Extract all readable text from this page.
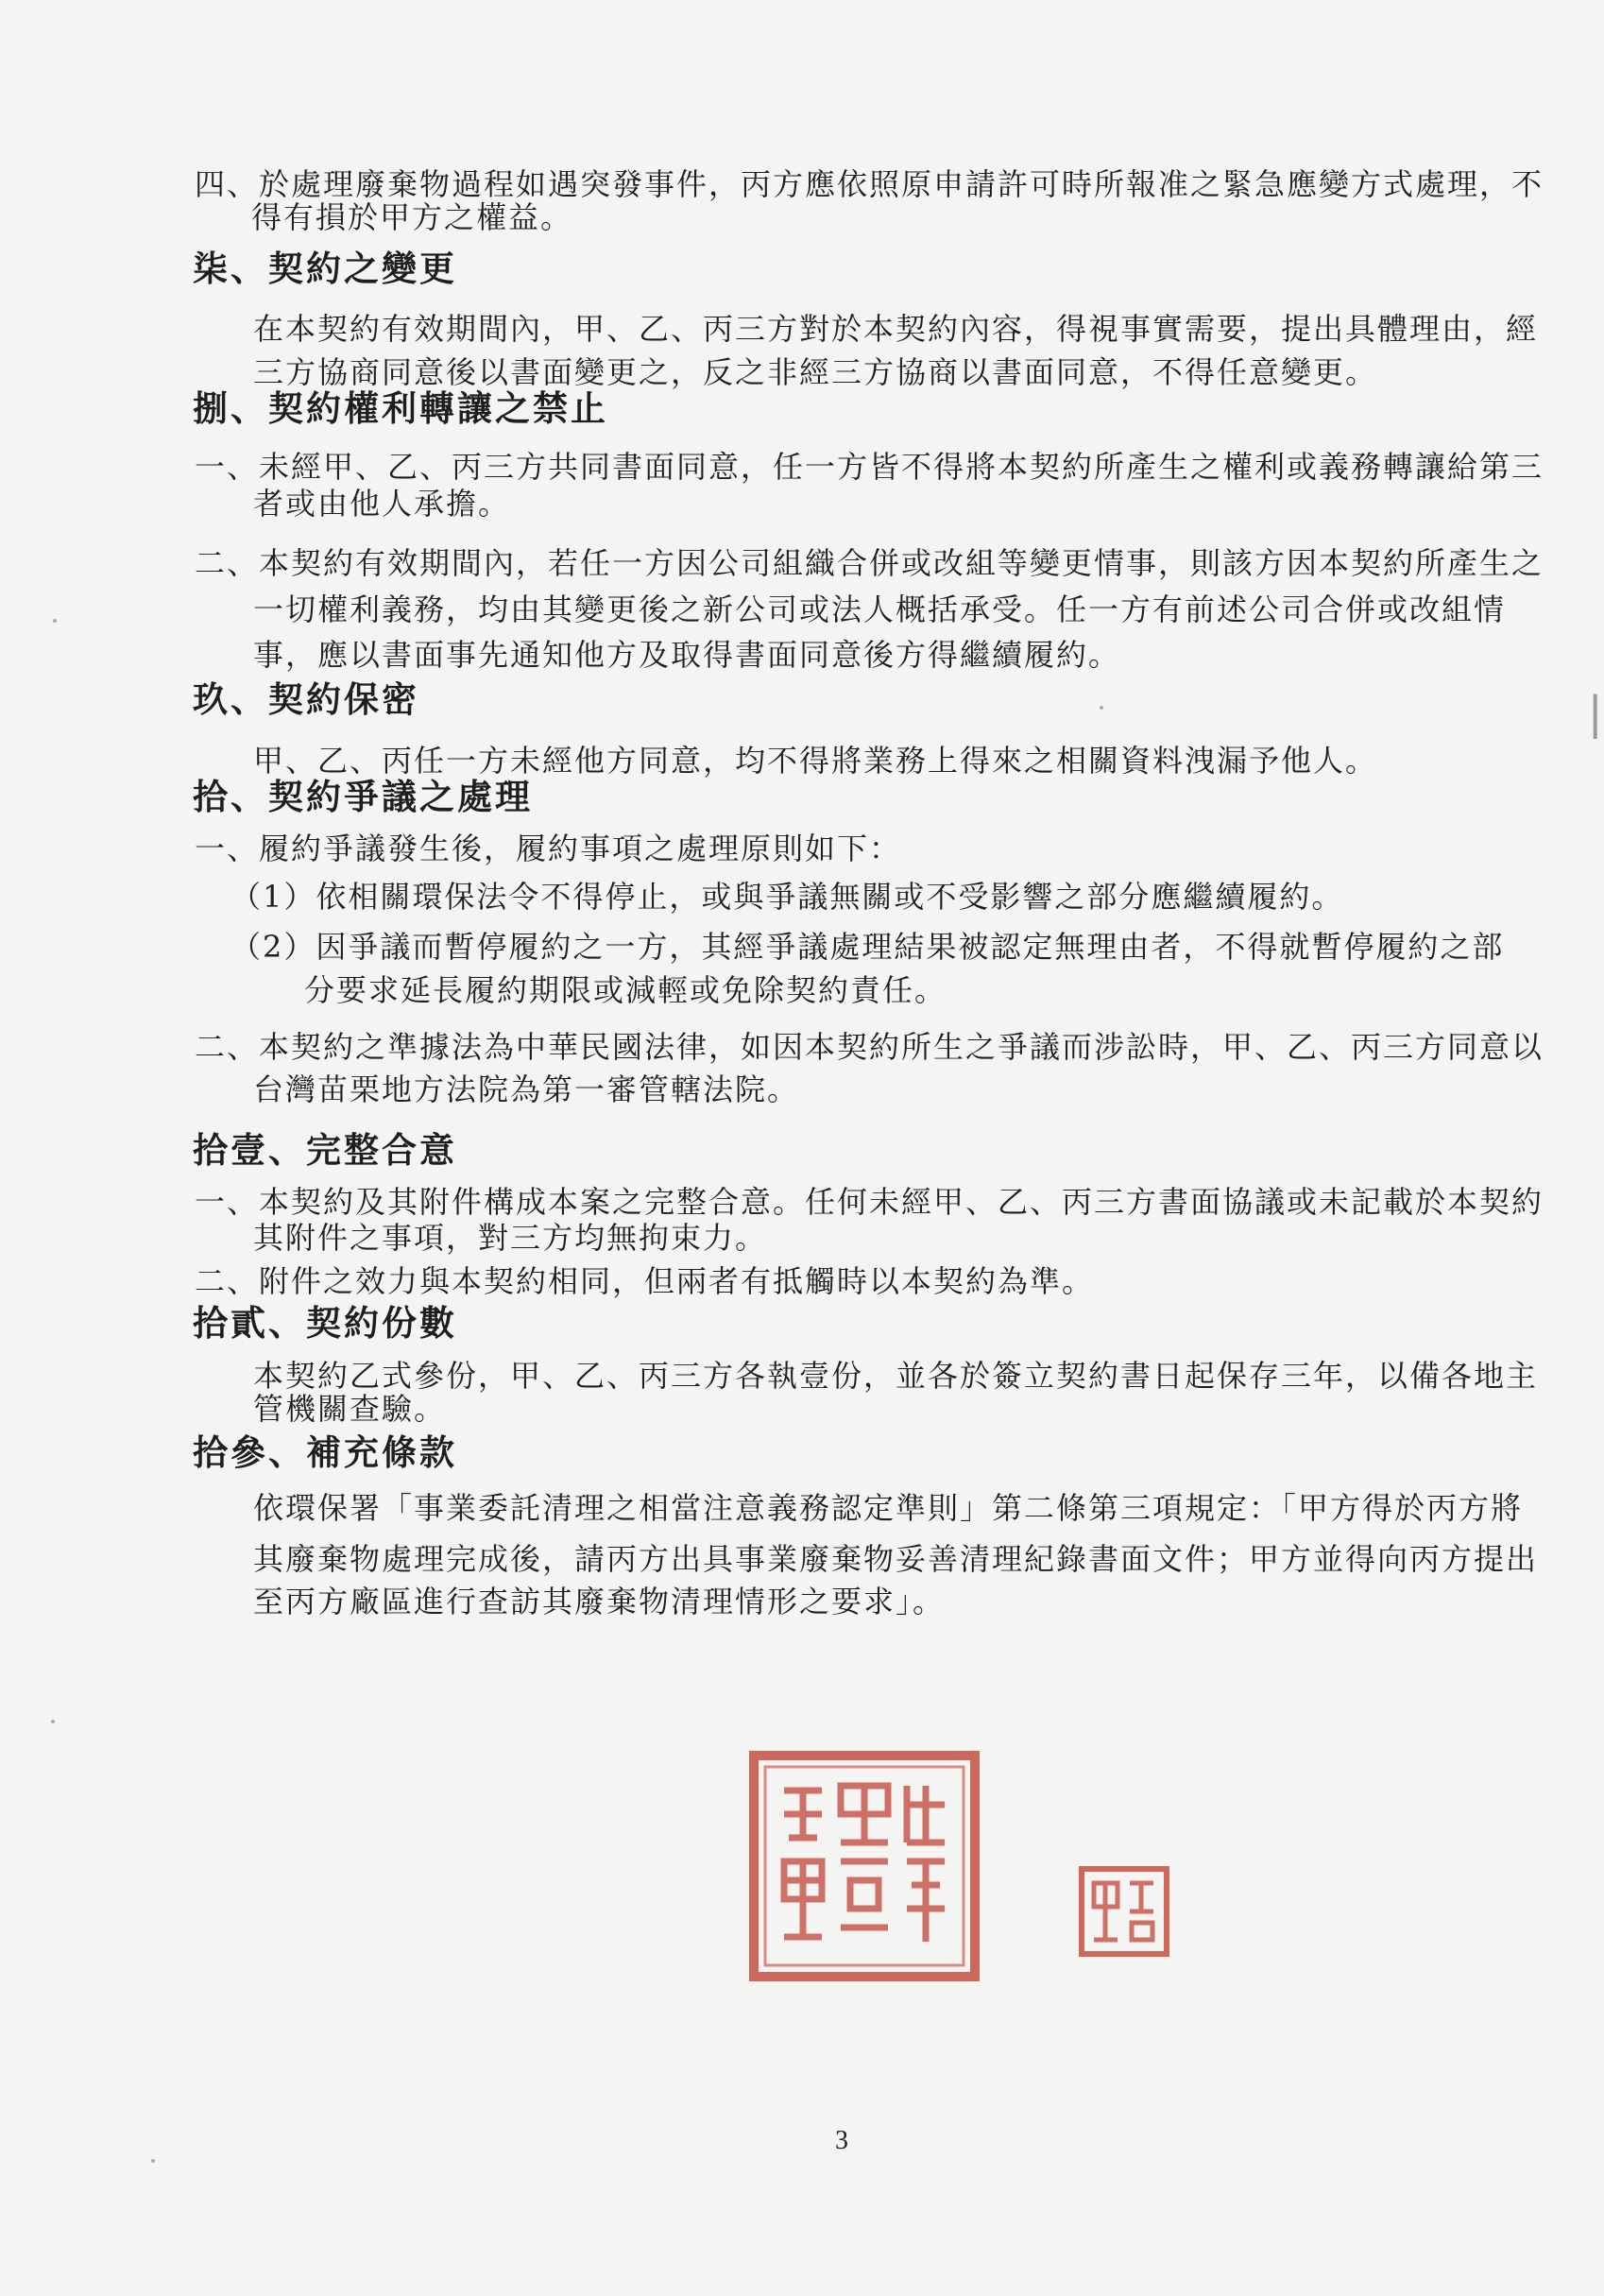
四、於處理廢棄物過程如遇突發事件，丙方應依照原申請許可時所報准之緊急應變方式處理，不
得有損於甲方之權益。
柒、契約之變更
在本契約有效期間內，甲、乙、丙三方對於本契約內容，得視事實需要，提出具體理由，經
三方協商同意後以書面變更之，反之非經三方協商以書面同意，不得任意變更。
捌、契約權利轉讓之禁止
一、未經甲、乙、丙三方共同書面同意，任一方皆不得將本契約所產生之權利或義務轉讓給第三
者或由他人承擔。
二、本契約有效期間內，若任一方因公司組織合併或改組等變更情事，則該方因本契約所產生之
一切權利義務，均由其變更後之新公司或法人概括承受。任一方有前述公司合併或改組情
事，應以書面事先通知他方及取得書面同意後方得繼續履約。
玖、契約保密
甲、乙、丙任一方未經他方同意，均不得將業務上得來之相關資料洩漏予他人。
拾、契約爭議之處理
一、履約爭議發生後，履約事項之處理原則如下：
（1）依相關環保法令不得停止，或與爭議無關或不受影響之部分應繼續履約。
（2）因爭議而暫停履約之一方，其經爭議處理結果被認定無理由者，不得就暫停履約之部
分要求延長履約期限或減輕或免除契約責任。
二、本契約之準據法為中華民國法律，如因本契約所生之爭議而涉訟時，甲、乙、丙三方同意以
台灣苗栗地方法院為第一審管轄法院。
拾壹、完整合意
一、本契約及其附件構成本案之完整合意。任何未經甲、乙、丙三方書面協議或未記載於本契約
其附件之事項，對三方均無拘束力。
二、附件之效力與本契約相同，但兩者有抵觸時以本契約為準。
拾貳、契約份數
本契約乙式參份，甲、乙、丙三方各執壹份，並各於簽立契約書日起保存三年，以備各地主
管機關查驗。
拾參、補充條款
依環保署「事業委託清理之相當注意義務認定準則」第二條第三項規定：「甲方得於丙方將
其廢棄物處理完成後，請丙方出具事業廢棄物妥善清理紀錄書面文件；甲方並得向丙方提出
至丙方廠區進行查訪其廢棄物清理情形之要求」。
▕
3
